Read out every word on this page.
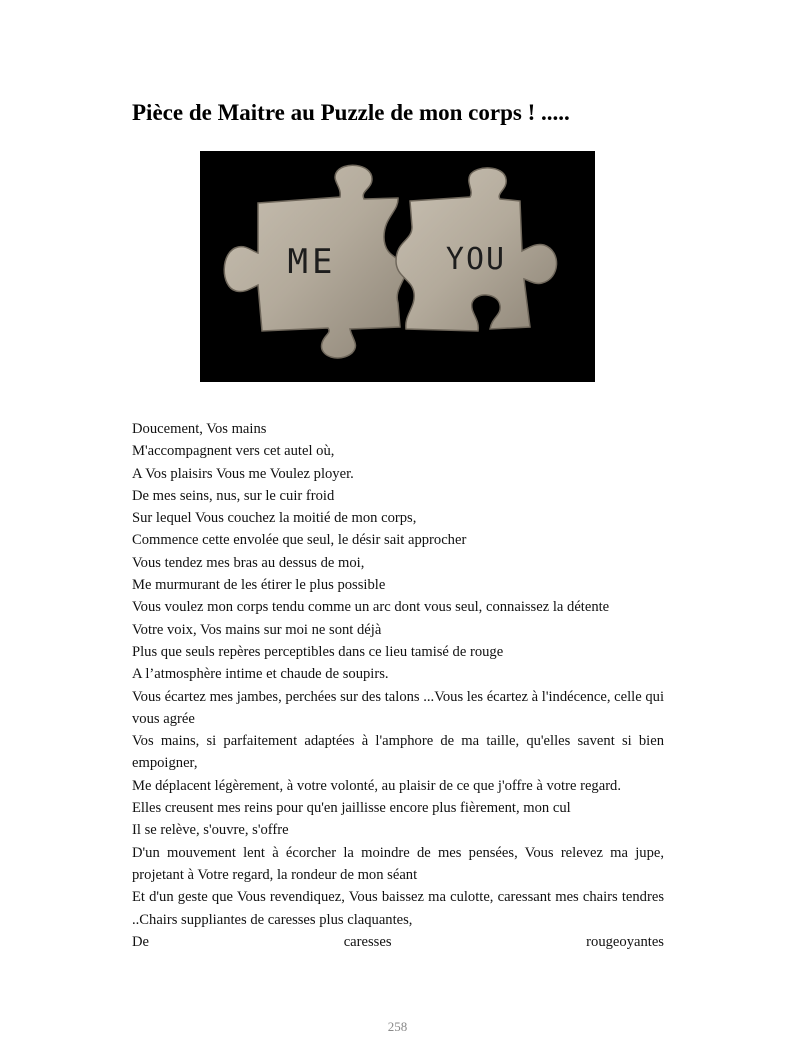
Pièce de Maitre au Puzzle de mon corps ! .....
ME	YOU

Doucement, Vos mains

M'accompagnent vers cet autel où,

A Vos plaisirs Vous me Voulez ployer.

De mes seins, nus, sur le cuir froid

Sur lequel Vous couchez la moitié de mon corps,

Commence cette envolée que seul, le désir sait approcher

Vous tendez mes bras au dessus de moi,

Me murmurant de les étirer le plus possible

Vous voulez mon corps tendu comme un arc dont vous seul, connaissez la détente

Votre voix, Vos mains sur moi ne sont déjà

Plus que seuls repères perceptibles dans ce lieu tamisé de rouge

A l’atmosphère intime et chaude de soupirs.

Vous écartez mes jambes, perchées sur des talons ...Vous les écartez à l'indécence, celle qui vous agrée

Vos mains, si parfaitement adaptées à l'amphore de ma taille, qu'elles savent si bien empoigner,

Me déplacent légèrement, à votre volonté, au plaisir de ce que j'offre à votre regard.

Elles creusent mes reins pour qu'en jaillisse encore plus fièrement, mon cul

Il se relève, s'ouvre, s'offre

D'un mouvement lent à écorcher la moindre de mes pensées, Vous relevez ma jupe, projetant à Votre regard, la rondeur de mon séant

Et d'un geste que Vous revendiquez, Vous baissez ma culotte, caressant mes chairs tendres ..Chairs suppliantes de caresses plus claquantes,

De caresses rougeoyantes

258
